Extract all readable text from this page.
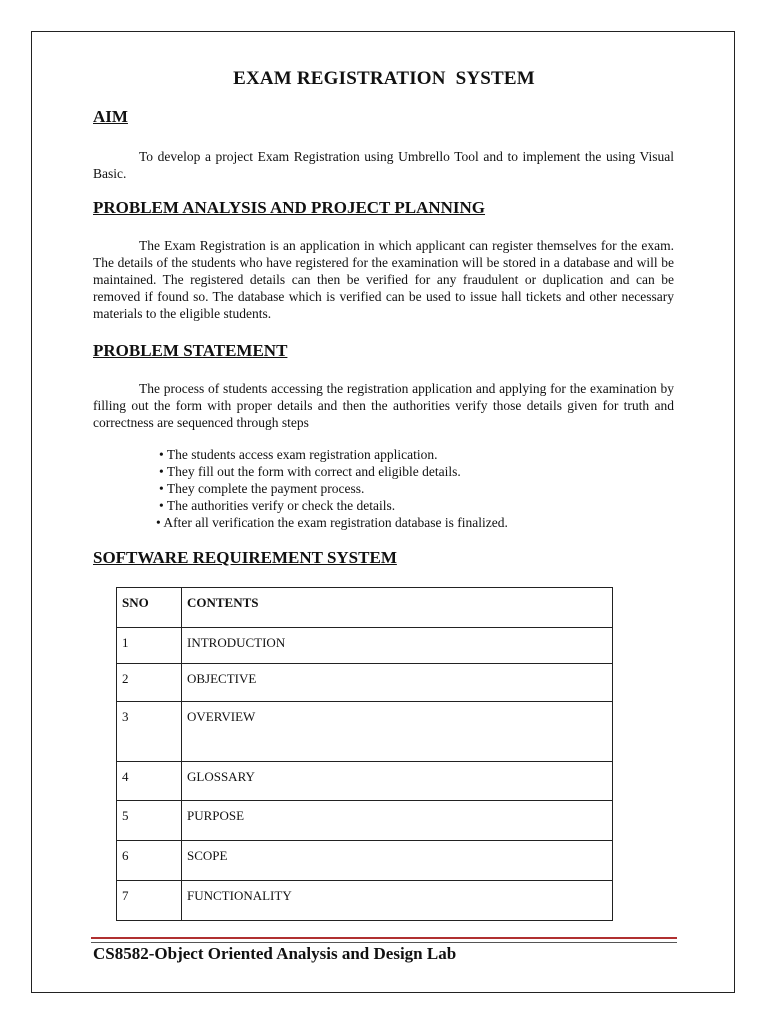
EXAM REGISTRATION  SYSTEM
AIM

To develop a project Exam Registration using Umbrello Tool and to implement the using Visual Basic.

PROBLEM ANALYSIS AND PROJECT PLANNING

The Exam Registration is an application in which applicant can register themselves for the exam. The details of the students who have registered for the examination will be stored in a database and will be maintained. The registered details can then be verified for any fraudulent or duplication and can be removed if found so. The database which is verified can be used to issue hall tickets and other necessary materials to the eligible students.

PROBLEM STATEMENT

The process of students accessing the registration application and applying for the examination by filling out the form with proper details and then the authorities verify those details given for truth and correctness are sequenced through steps

• The students access exam registration application.
• They fill out the form with correct and eligible details.
• They complete the payment process.
• The authorities verify or check the details.
• After all verification the exam registration database is finalized.
SOFTWARE REQUIREMENT SYSTEM
SNO	CONTENTS
1	INTRODUCTION
2	OBJECTIVE
3	OVERVIEW
4	GLOSSARY
5	PURPOSE
6	SCOPE
7	FUNCTIONALITY
CS8582-Object Oriented Analysis and Design Lab
